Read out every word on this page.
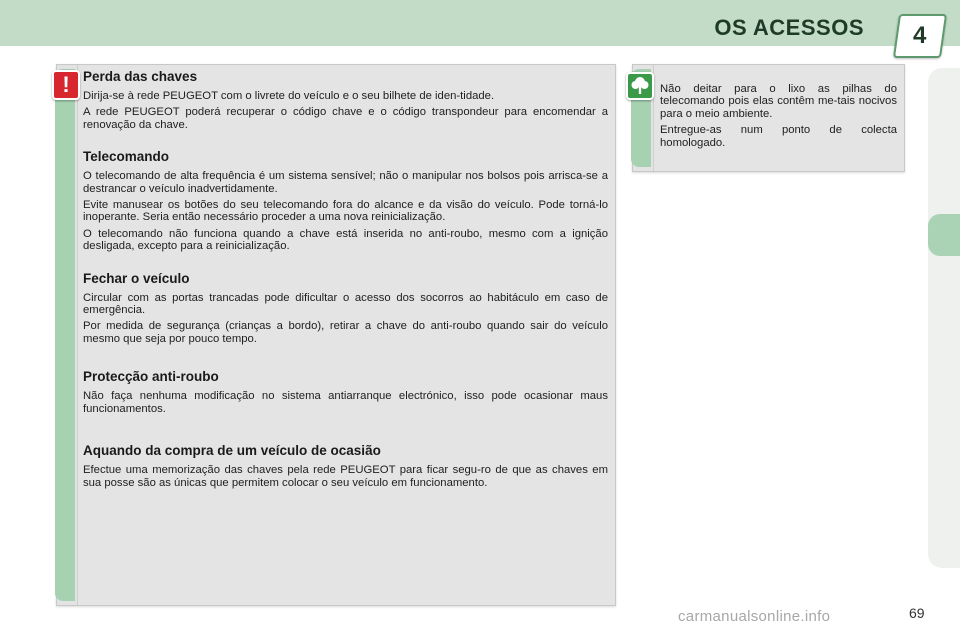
OS ACESSOS 4
! Perda das chaves

Dirija-se à rede PEUGEOT com o livrete do veículo e o seu bilhete de iden-tidade.

A rede PEUGEOT poderá recuperar o código chave e o código transpondeur para encomendar a renovação da chave.

Telecomando

O telecomando de alta frequência é um sistema sensível; não o manipular nos bolsos pois arrisca-se a destrancar o veículo inadvertidamente.

Evite manusear os botões do seu telecomando fora do alcance e da visão do veículo. Pode torná-lo inoperante. Seria então necessário proceder a uma nova reinicialização.

O telecomando não funciona quando a chave está inserida no anti-roubo, mesmo com a ignição desligada, excepto para a reinicialização.

Fechar o veículo

Circular com as portas trancadas pode dificultar o acesso dos socorros ao habitáculo em caso de emergência.

Por medida de segurança (crianças a bordo), retirar a chave do anti-roubo quando sair do veículo mesmo que seja por pouco tempo.

Protecção anti-roubo

Não faça nenhuma modificação no sistema antiarranque electrónico, isso pode ocasionar maus funcionamentos.

Aquando da compra de um veículo de ocasião

Efectue uma memorização das chaves pela rede PEUGEOT para ficar segu-ro de que as chaves em sua posse são as únicas que permitem colocar o seu veículo em funcionamento.

Não deitar para o lixo as pilhas do telecomando pois elas contêm me-tais nocivos para o meio ambiente.

Entregue-as num ponto de colecta homologado.

carmanualsonline.info	69
